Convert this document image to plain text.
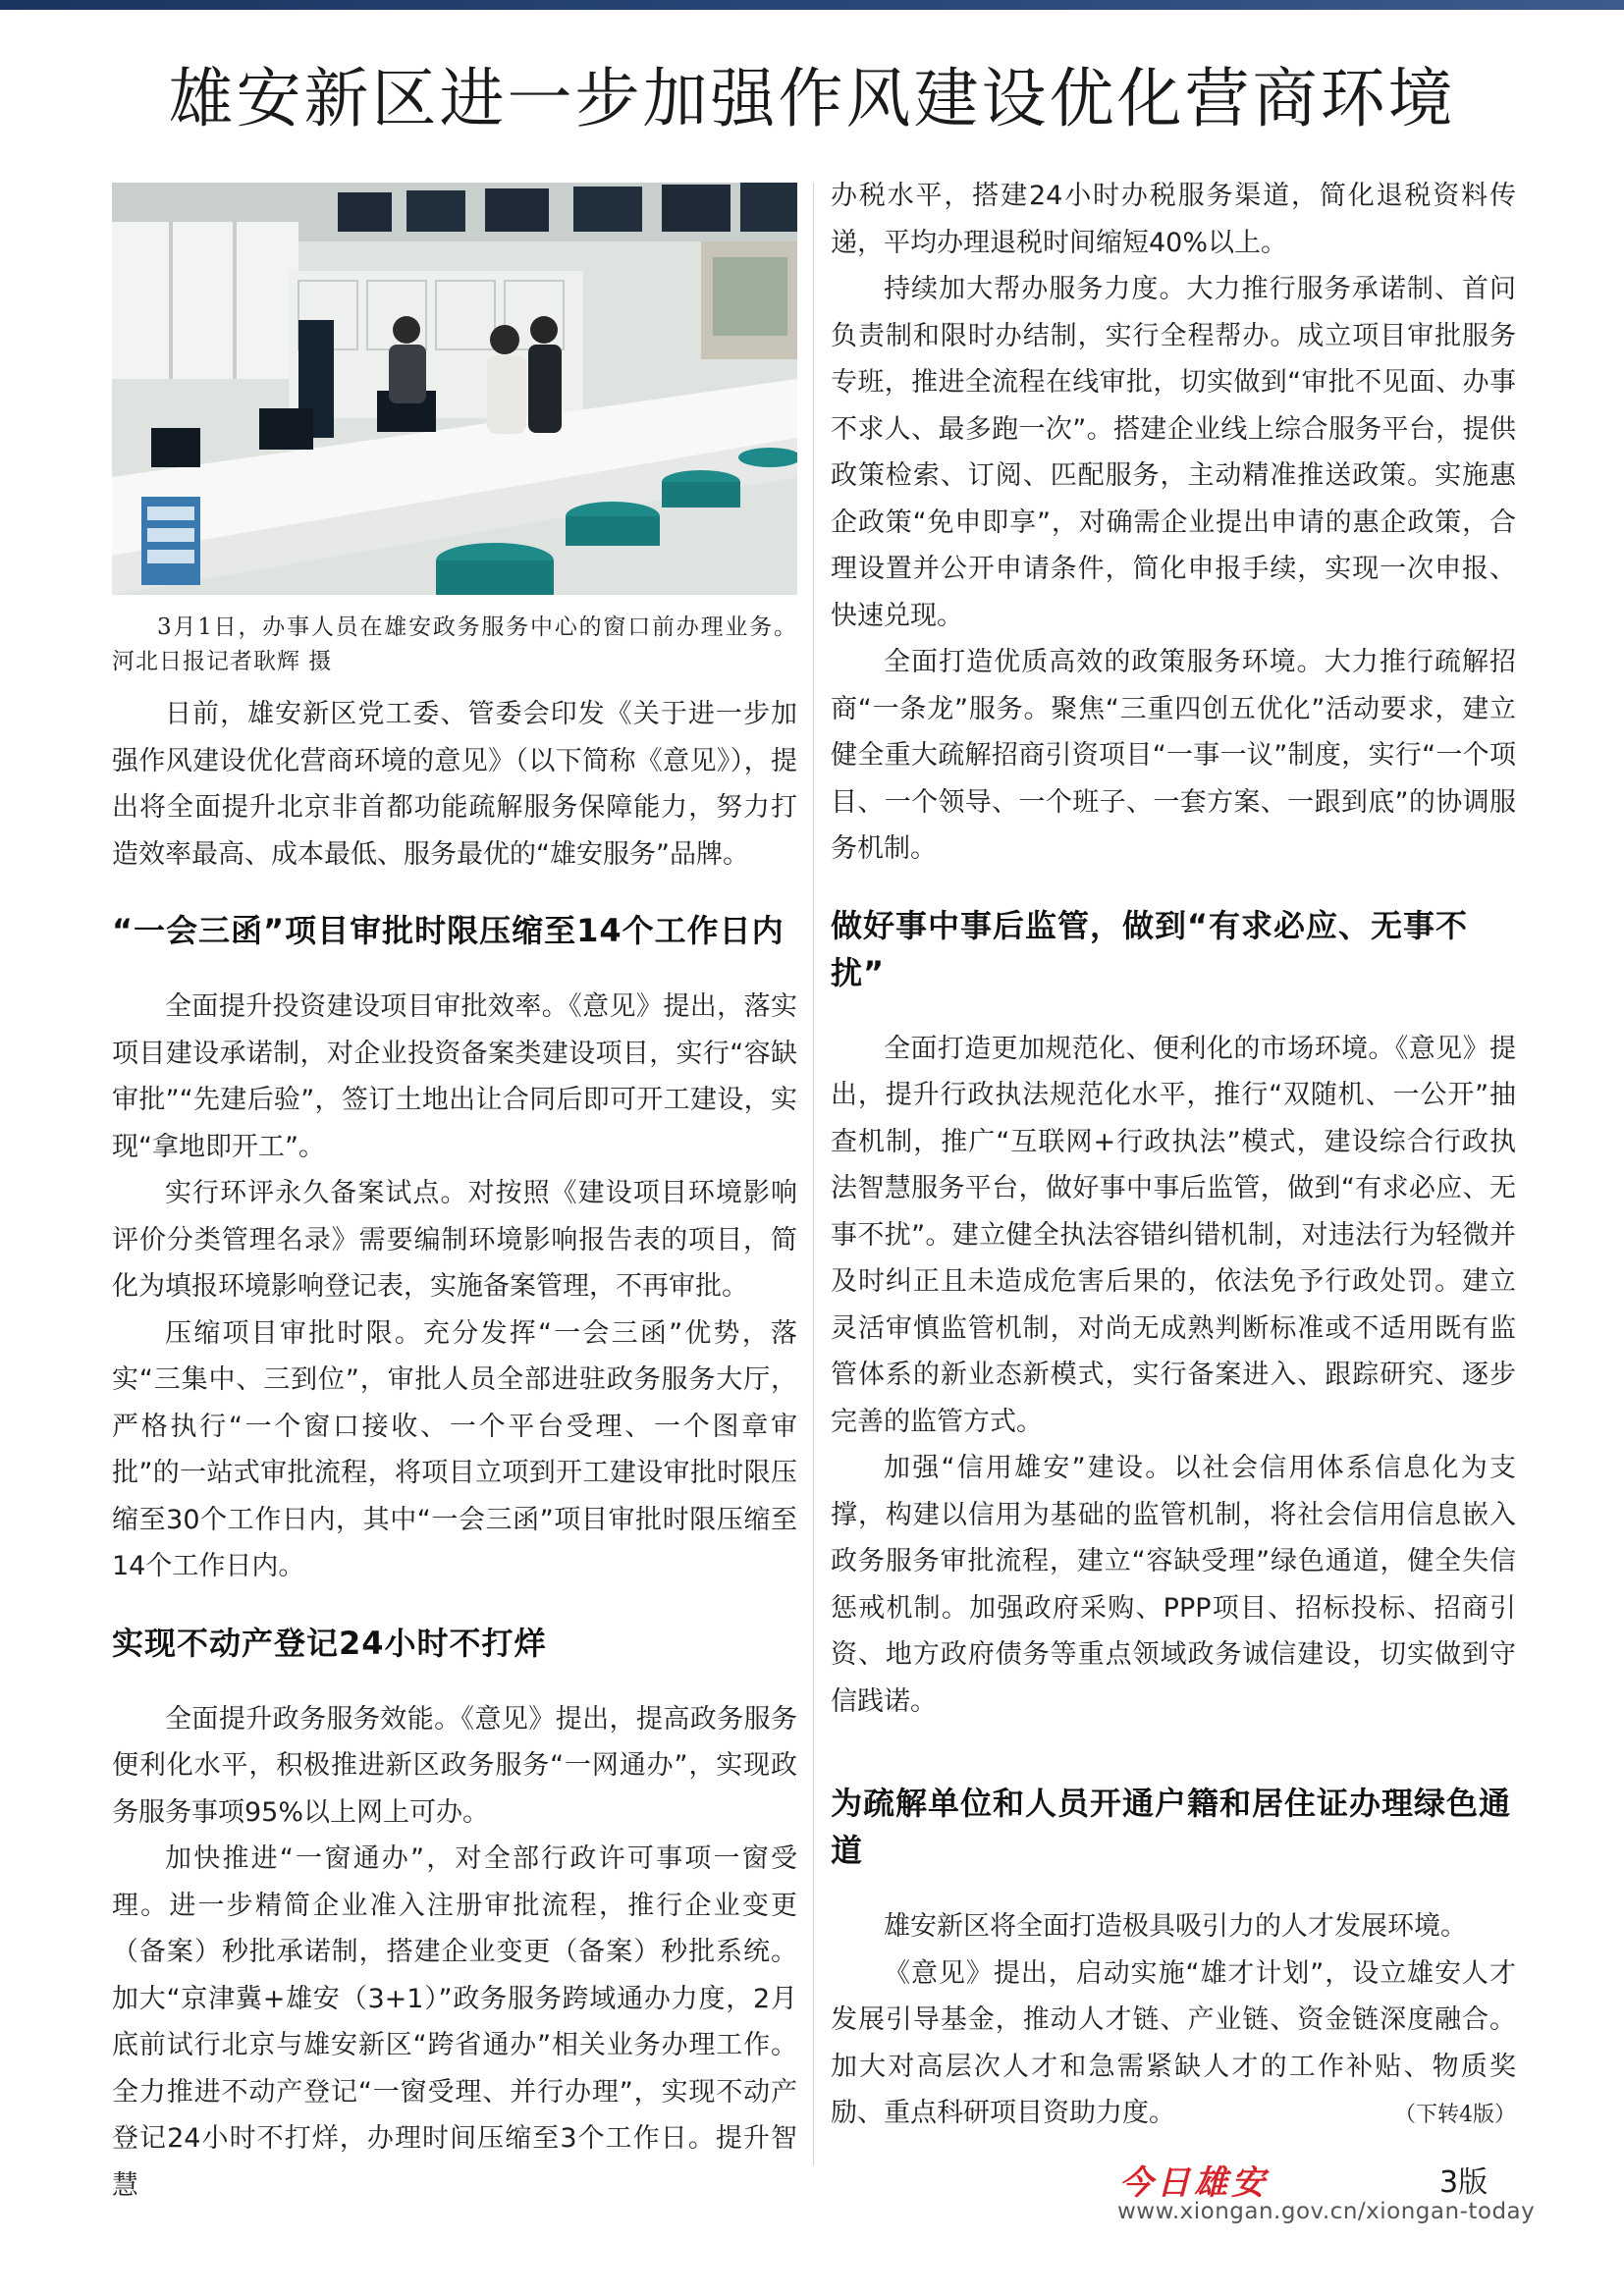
雄安新区进一步加强作风建设优化营商环境
3月1日，办事人员在雄安政务服务中心的窗口前办理业务。河北日报记者耿辉 摄

日前，雄安新区党工委、管委会印发《关于进一步加强作风建设优化营商环境的意见》（以下简称《意见》），提出将全面提升北京非首都功能疏解服务保障能力，努力打造效率最高、成本最低、服务最优的“雄安服务”品牌。

“一会三函”项目审批时限压缩至14个工作日内

全面提升投资建设项目审批效率。《意见》提出，落实项目建设承诺制，对企业投资备案类建设项目，实行“容缺审批”“先建后验”，签订土地出让合同后即可开工建设，实现“拿地即开工”。

实行环评永久备案试点。对按照《建设项目环境影响评价分类管理名录》需要编制环境影响报告表的项目，简化为填报环境影响登记表，实施备案管理，不再审批。

压缩项目审批时限。充分发挥“一会三函”优势，落实“三集中、三到位”，审批人员全部进驻政务服务大厅，严格执行“一个窗口接收、一个平台受理、一个图章审批”的一站式审批流程，将项目立项到开工建设审批时限压缩至30个工作日内，其中“一会三函”项目审批时限压缩至14个工作日内。

实现不动产登记24小时不打烊

全面提升政务服务效能。《意见》提出，提高政务服务便利化水平，积极推进新区政务服务“一网通办”，实现政务服务事项95%以上网上可办。

加快推进“一窗通办”，对全部行政许可事项一窗受理。进一步精简企业准入注册审批流程，推行企业变更（备案）秒批承诺制，搭建企业变更（备案）秒批系统。加大“京津冀+雄安（3+1）”政务服务跨域通办力度，2月底前试行北京与雄安新区“跨省通办”相关业务办理工作。全力推进不动产登记“一窗受理、并行办理”，实现不动产登记24小时不打烊，办理时间压缩至3个工作日。提升智慧

办税水平，搭建24小时办税服务渠道，简化退税资料传递，平均办理退税时间缩短40%以上。

持续加大帮办服务力度。大力推行服务承诺制、首问负责制和限时办结制，实行全程帮办。成立项目审批服务专班，推进全流程在线审批，切实做到“审批不见面、办事不求人、最多跑一次”。搭建企业线上综合服务平台，提供政策检索、订阅、匹配服务，主动精准推送政策。实施惠企政策“免申即享”，对确需企业提出申请的惠企政策，合理设置并公开申请条件，简化申报手续，实现一次申报、快速兑现。

全面打造优质高效的政策服务环境。大力推行疏解招商“一条龙”服务。聚焦“三重四创五优化”活动要求，建立健全重大疏解招商引资项目“一事一议”制度，实行“一个项目、一个领导、一个班子、一套方案、一跟到底”的协调服务机制。

做好事中事后监管，做到“有求必应、无事不扰”

全面打造更加规范化、便利化的市场环境。《意见》提出，提升行政执法规范化水平，推行“双随机、一公开”抽查机制，推广“互联网+行政执法”模式，建设综合行政执法智慧服务平台，做好事中事后监管，做到“有求必应、无事不扰”。建立健全执法容错纠错机制，对违法行为轻微并及时纠正且未造成危害后果的，依法免予行政处罚。建立灵活审慎监管机制，对尚无成熟判断标准或不适用既有监管体系的新业态新模式，实行备案进入、跟踪研究、逐步完善的监管方式。

加强“信用雄安”建设。以社会信用体系信息化为支撑，构建以信用为基础的监管机制，将社会信用信息嵌入政务服务审批流程，建立“容缺受理”绿色通道，健全失信惩戒机制。加强政府采购、PPP项目、招标投标、招商引资、地方政府债务等重点领域政务诚信建设，切实做到守信践诺。

为疏解单位和人员开通户籍和居住证办理绿色通道

雄安新区将全面打造极具吸引力的人才发展环境。

《意见》提出，启动实施“雄才计划”，设立雄安人才发展引导基金，推动人才链、产业链、资金链深度融合。加大对高层次人才和急需紧缺人才的工作补贴、物质奖励、重点科研项目资助力度。	（下转4版）

今日雄安	3版
www.xiongan.gov.cn/xiongan-today
